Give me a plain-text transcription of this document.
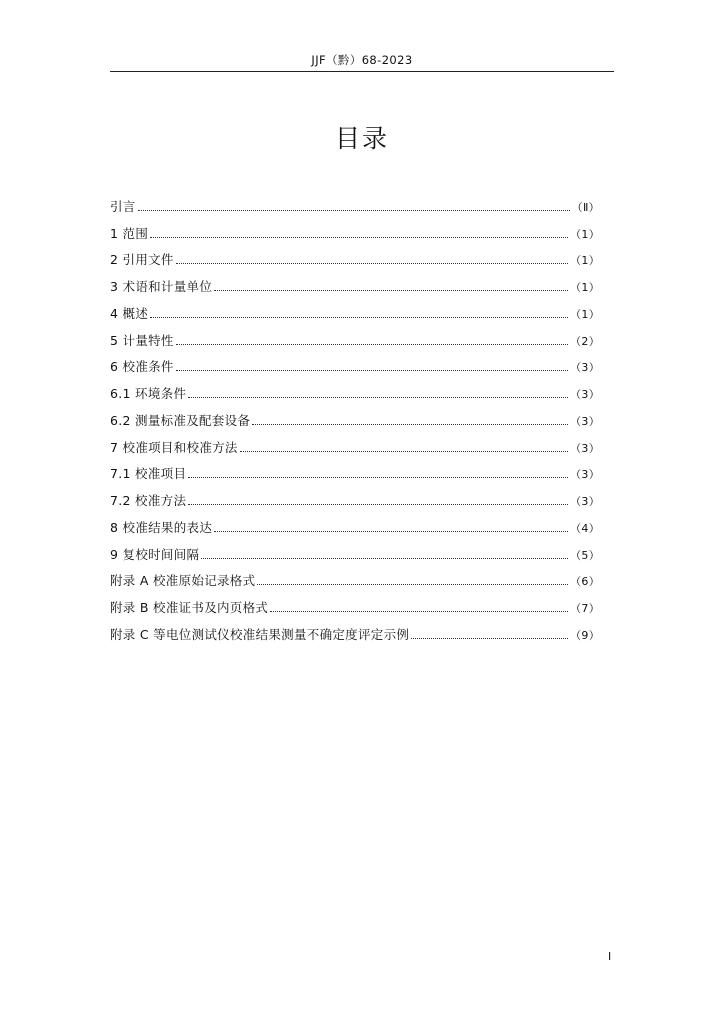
JJF（黔）68-2023
目录
引言	（Ⅱ）
1 范围	（1）
2 引用文件	（1）
3 术语和计量单位	（1）
4 概述	（1）
5 计量特性	（2）
6 校准条件	（3）
6.1 环境条件	（3）
6.2 测量标准及配套设备	（3）
7 校准项目和校准方法	（3）
7.1 校准项目	（3）
7.2 校准方法	（3）
8 校准结果的表达	（4）
9 复校时间间隔	（5）
附录 A 校准原始记录格式	（6）
附录 B 校准证书及内页格式	（7）
附录 C 等电位测试仪校准结果测量不确定度评定示例	（9）
Ⅰ
